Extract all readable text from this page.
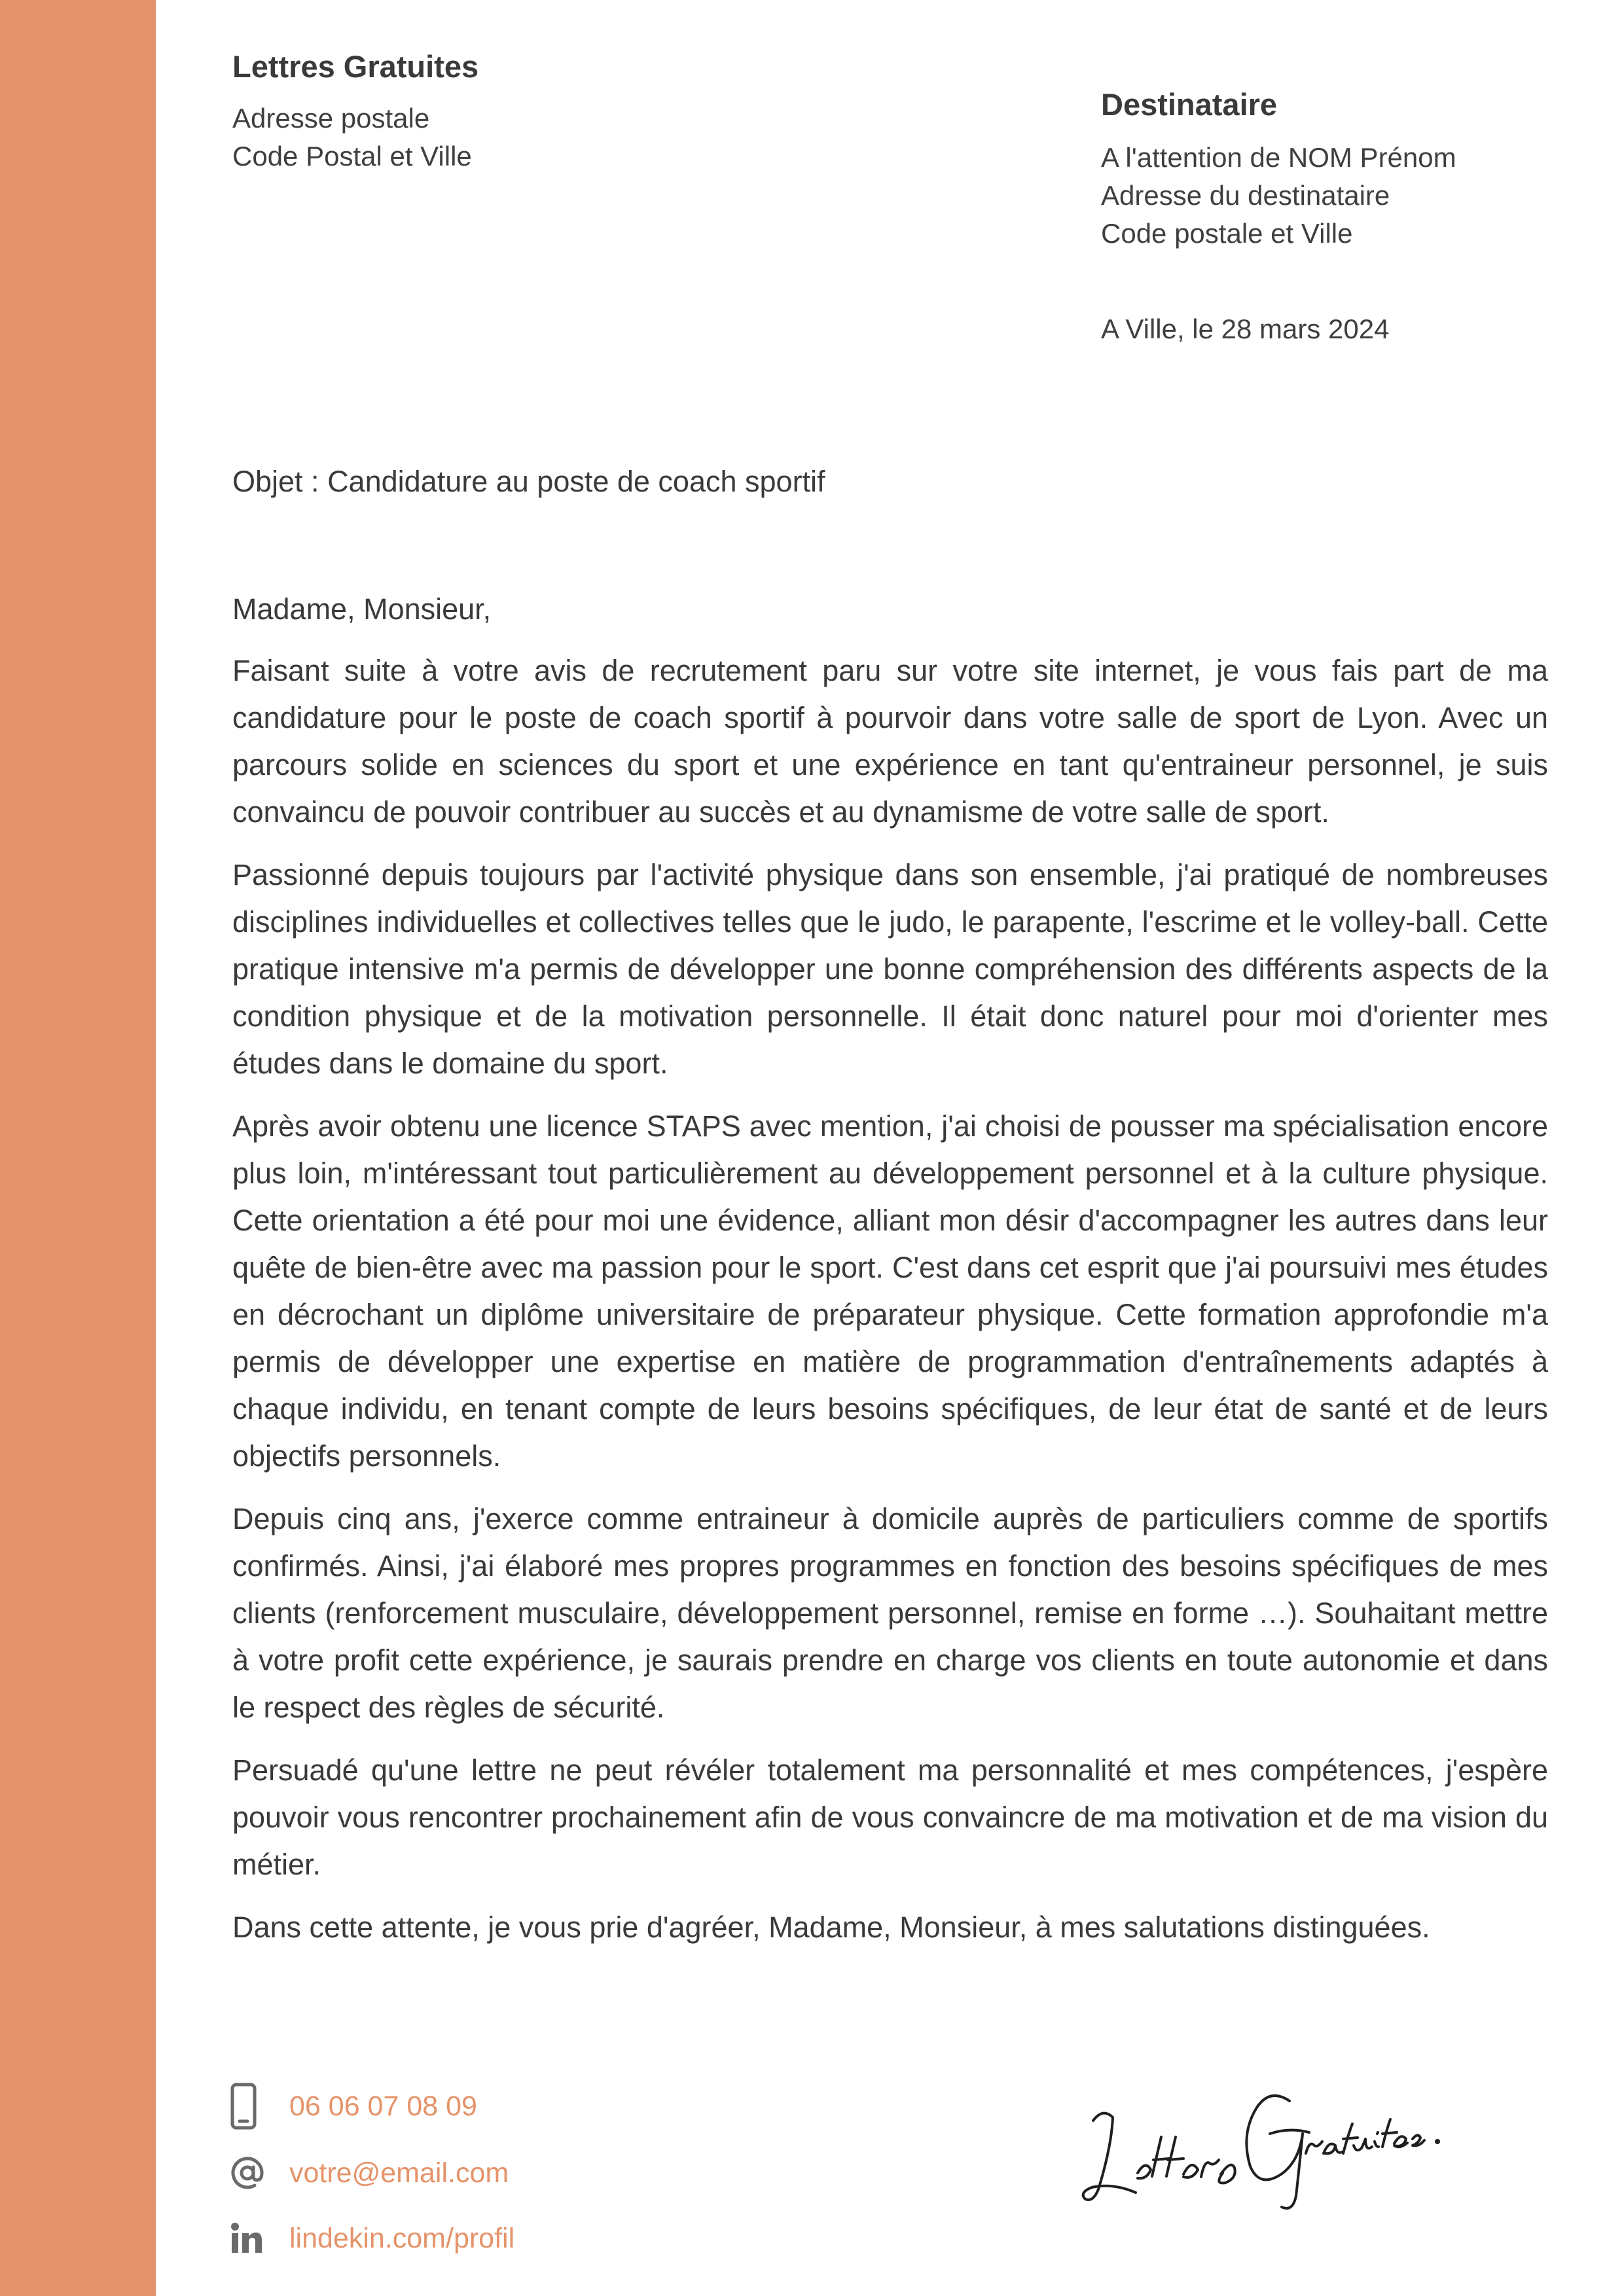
Lettres Gratuites
Adresse postale
Code Postal et Ville
Destinataire
A l'attention de NOM Prénom
Adresse du destinataire
Code postale et Ville
A Ville, le 28 mars 2024
Objet : Candidature au poste de coach sportif

Madame, Monsieur,

Faisant suite à votre avis de recrutement paru sur votre site internet, je vous fais part de ma candidature pour le poste de coach sportif à pourvoir dans votre salle de sport de Lyon. Avec un parcours solide en sciences du sport et une expérience en tant qu'entraineur personnel, je suis convaincu de pouvoir contribuer au succès et au dynamisme de votre salle de sport.

Passionné depuis toujours par l'activité physique dans son ensemble, j'ai pratiqué de nombreuses disciplines individuelles et collectives telles que le judo, le parapente, l'escrime et le volley-ball. Cette pratique intensive m'a permis de développer une bonne compréhension des différents aspects de la condition physique et de la motivation personnelle. Il était donc naturel pour moi d'orienter mes études dans le domaine du sport.

Après avoir obtenu une licence STAPS avec mention, j'ai choisi de pousser ma spécialisation encore plus loin, m'intéressant tout particulièrement au développement personnel et à la culture physique. Cette orientation a été pour moi une évidence, alliant mon désir d'accompagner les autres dans leur quête de bien-être avec ma passion pour le sport. C'est dans cet esprit que j'ai poursuivi mes études en décrochant un diplôme universitaire de préparateur physique. Cette formation approfondie m'a permis de développer une expertise en matière de programmation d'entraînements adaptés à chaque individu, en tenant compte de leurs besoins spécifiques, de leur état de santé et de leurs objectifs personnels.

Depuis cinq ans, j'exerce comme entraineur à domicile auprès de particuliers comme de sportifs confirmés. Ainsi, j'ai élaboré mes propres programmes en fonction des besoins spécifiques de mes clients (renforcement musculaire, développement personnel, remise en forme …). Souhaitant mettre à votre profit cette expérience, je saurais prendre en charge vos clients en toute autonomie et dans le respect des règles de sécurité.

Persuadé qu'une lettre ne peut révéler totalement ma personnalité et mes compétences, j'espère pouvoir vous rencontrer prochainement afin de vous convaincre de ma motivation et de ma vision du métier.

Dans cette attente, je vous prie d'agréer, Madame, Monsieur, à mes salutations distinguées.

06 06 07 08 09
votre@email.com
lindekin.com/profil
